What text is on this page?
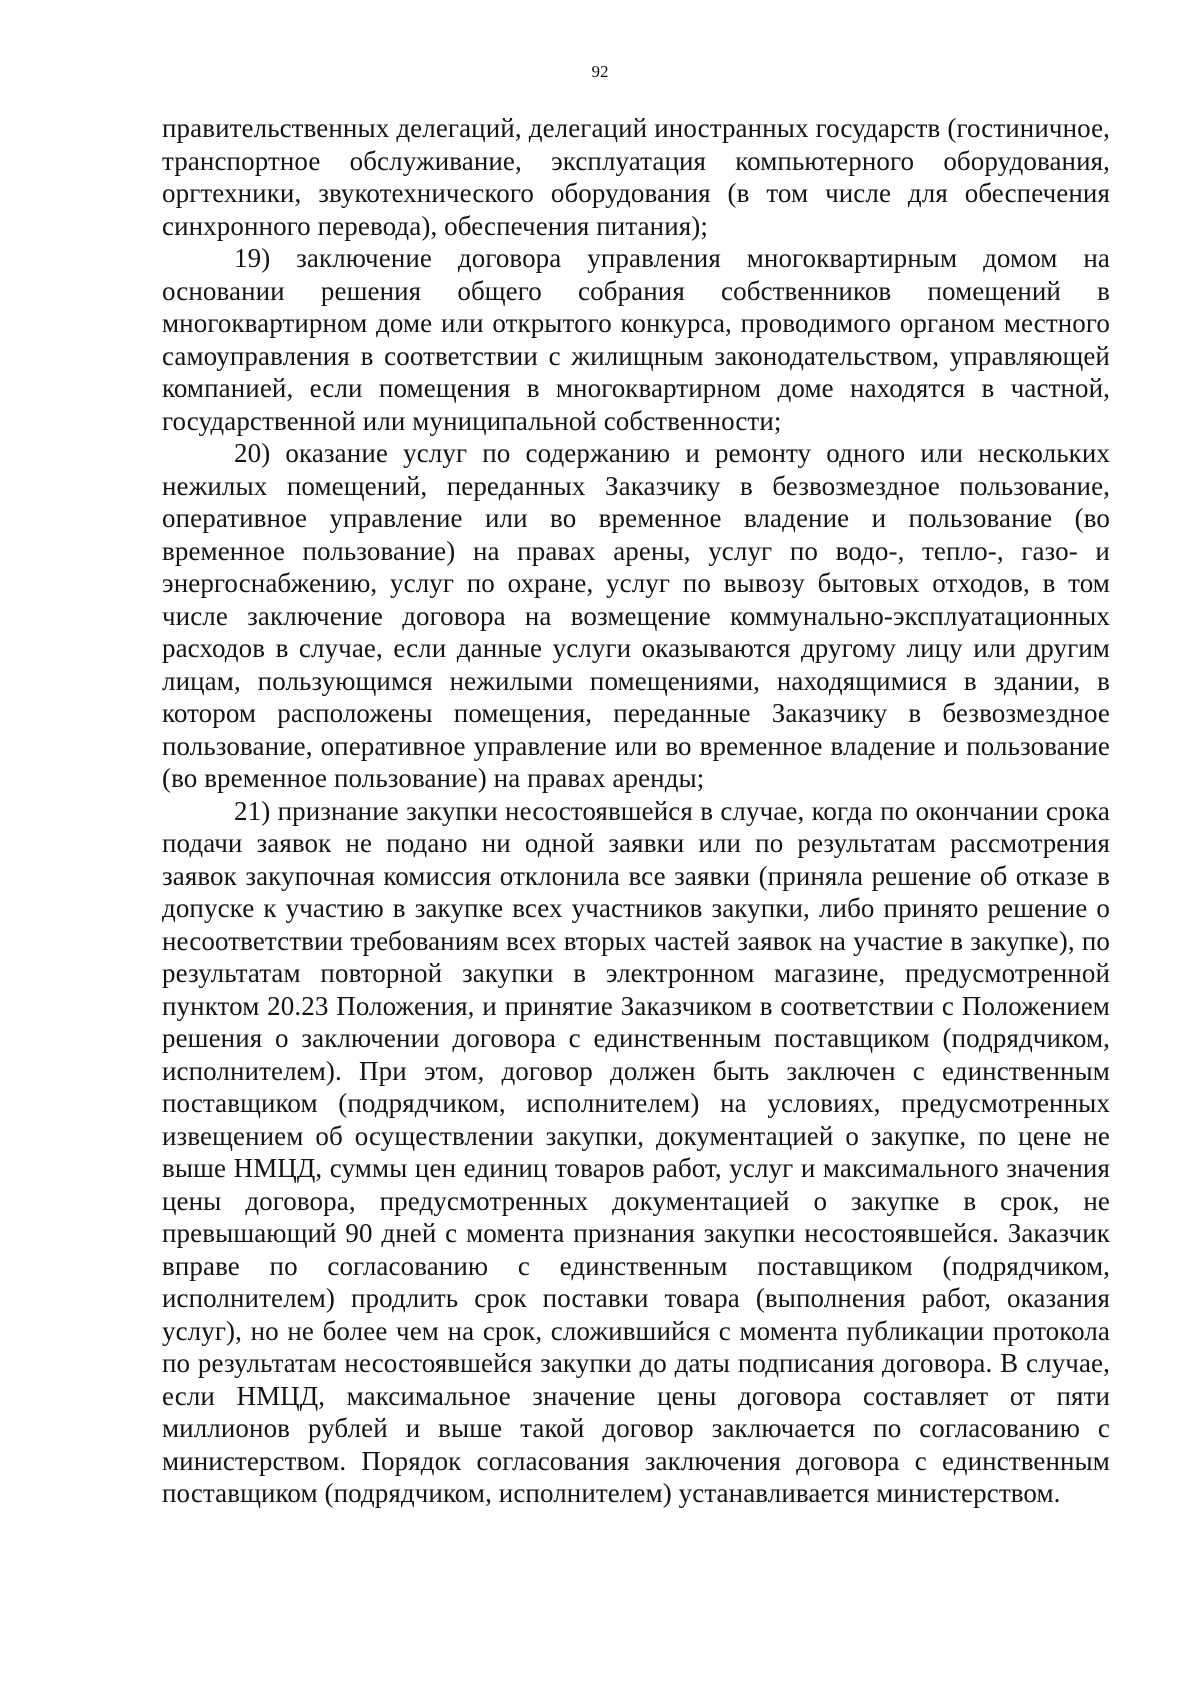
92

правительственных делегаций, делегаций иностранных государств (гостиничное, транспортное обслуживание, эксплуатация компьютерного оборудования, оргтехники, звукотехнического оборудования (в том числе для обеспечения синхронного перевода), обеспечения питания);

19) заключение договора управления многоквартирным домом на основании решения общего собрания собственников помещений в многоквартирном доме или открытого конкурса, проводимого органом местного самоуправления в соответствии с жилищным законодательством, управляющей компанией, если помещения в многоквартирном доме находятся в частной, государственной или муниципальной собственности;

20) оказание услуг по содержанию и ремонту одного или нескольких нежилых помещений, переданных Заказчику в безвозмездное пользование, оперативное управление или во временное владение и пользование (во временное пользование) на правах арены, услуг по водо-, тепло-, газо- и энергоснабжению, услуг по охране, услуг по вывозу бытовых отходов, в том числе заключение договора на возмещение коммунально-эксплуатационных расходов в случае, если данные услуги оказываются другому лицу или другим лицам, пользующимся нежилыми помещениями, находящимися в здании, в котором расположены помещения, переданные Заказчику в безвозмездное пользование, оперативное управление или во временное владение и пользование (во временное пользование) на правах аренды;

21) признание закупки несостоявшейся в случае, когда по окончании срока подачи заявок не подано ни одной заявки или по результатам рассмотрения заявок закупочная комиссия отклонила все заявки (приняла решение об отказе в допуске к участию в закупке всех участников закупки, либо принято решение о несоответствии требованиям всех вторых частей заявок на участие в закупке), по результатам повторной закупки в электронном магазине, предусмотренной пунктом 20.23 Положения, и принятие Заказчиком в соответствии с Положением решения о заключении договора с единственным поставщиком (подрядчиком, исполнителем). При этом, договор должен быть заключен с единственным поставщиком (подрядчиком, исполнителем) на условиях, предусмотренных извещением об осуществлении закупки, документацией о закупке, по цене не выше НМЦД, суммы цен единиц товаров работ, услуг и максимального значения цены договора, предусмотренных документацией о закупке в срок, не превышающий 90 дней с момента признания закупки несостоявшейся. Заказчик вправе по согласованию с единственным поставщиком (подрядчиком, исполнителем) продлить срок поставки товара (выполнения работ, оказания услуг), но не более чем на срок, сложившийся с момента публикации протокола по результатам несостоявшейся закупки до даты подписания договора. В случае, если НМЦД, максимальное значение цены договора составляет от пяти миллионов рублей и выше такой договор заключается по согласованию с министерством. Порядок согласования заключения договора с единственным поставщиком (подрядчиком, исполнителем) устанавливается министерством.
